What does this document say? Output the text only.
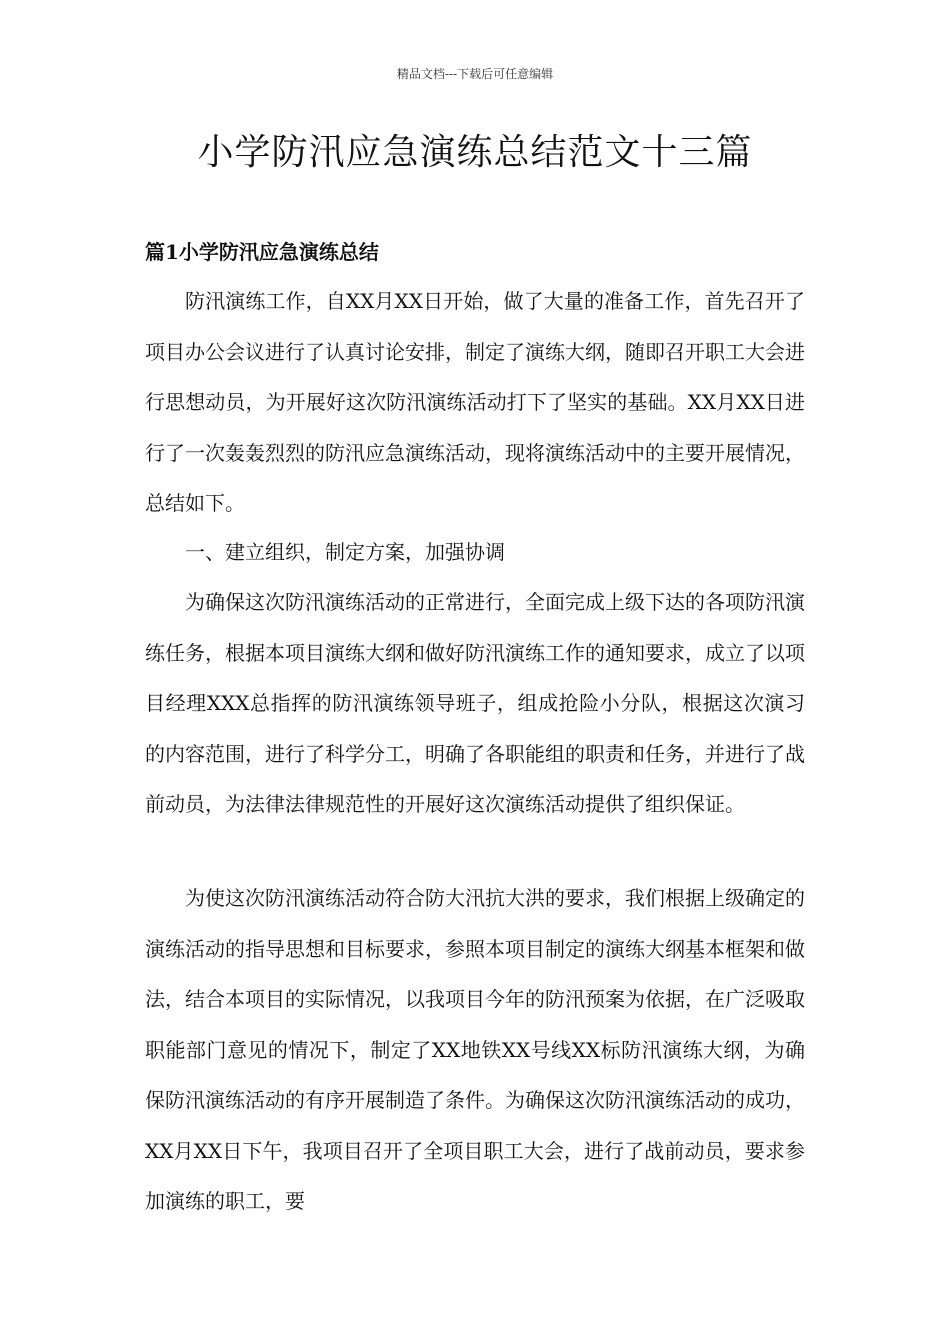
精品文档---下载后可任意编辑
小学防汛应急演练总结范文十三篇
篇1小学防汛应急演练总结

防汛演练工作，自XX月XX日开始，做了大量的准备工作，首先召开了项目办公会议进行了认真讨论安排，制定了演练大纲，随即召开职工大会进行思想动员，为开展好这次防汛演练活动打下了坚实的基础。XX月XX日进行了一次轰轰烈烈的防汛应急演练活动，现将演练活动中的主要开展情况，总结如下。

一、建立组织，制定方案，加强协调

为确保这次防汛演练活动的正常进行，全面完成上级下达的各项防汛演练任务，根据本项目演练大纲和做好防汛演练工作的通知要求，成立了以项目经理XXX总指挥的防汛演练领导班子，组成抢险小分队，根据这次演习的内容范围，进行了科学分工，明确了各职能组的职责和任务，并进行了战前动员，为法律法律规范性的开展好这次演练活动提供了组织保证。

为使这次防汛演练活动符合防大汛抗大洪的要求，我们根据上级确定的演练活动的指导思想和目标要求，参照本项目制定的演练大纲基本框架和做法，结合本项目的实际情况，以我项目今年的防汛预案为依据，在广泛吸取职能部门意见的情况下，制定了XX地铁XX号线XX标防汛演练大纲，为确保防汛演练活动的有序开展制造了条件。为确保这次防汛演练活动的成功，XX月XX日下午，我项目召开了全项目职工大会，进行了战前动员，要求参加演练的职工，要
